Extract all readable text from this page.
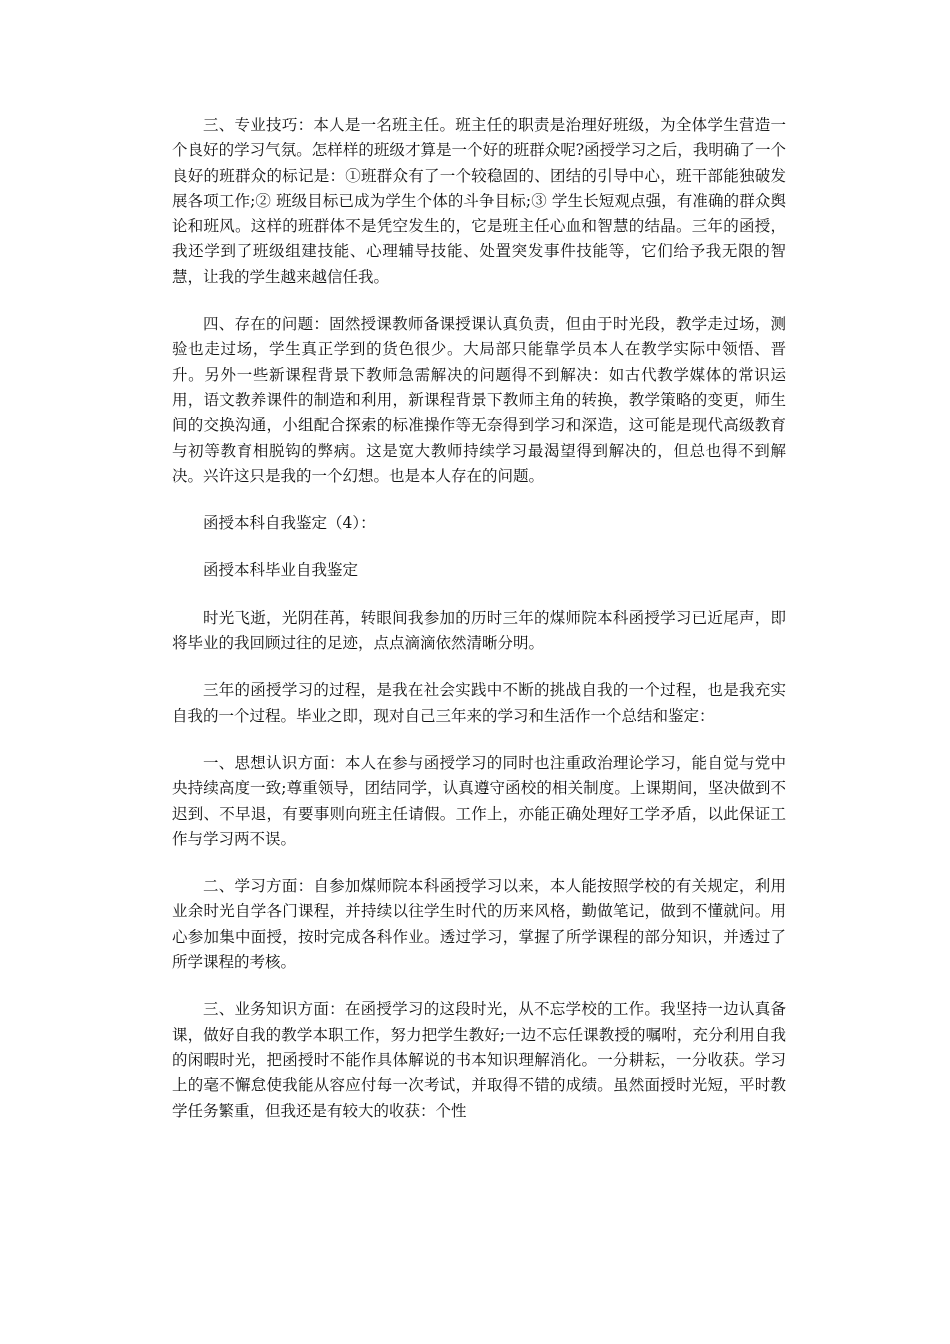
三、专业技巧：本人是一名班主任。班主任的职责是治理好班级，为全体学生营造一个良好的学习气氛。怎样样的班级才算是一个好的班群众呢?函授学习之后，我明确了一个良好的班群众的标记是：①班群众有了一个较稳固的、团结的引导中心，班干部能独破发展各项工作;② 班级目标已成为学生个体的斗争目标;③ 学生长短观点强，有准确的群众舆论和班风。这样的班群体不是凭空发生的，它是班主任心血和智慧的结晶。三年的函授，我还学到了班级组建技能、心理辅导技能、处置突发事件技能等，它们给予我无限的智慧，让我的学生越来越信任我。

四、存在的问题：固然授课教师备课授课认真负责，但由于时光段，教学走过场，测验也走过场，学生真正学到的货色很少。大局部只能靠学员本人在教学实际中领悟、晋升。另外一些新课程背景下教师急需解决的问题得不到解决：如古代教学媒体的常识运用，语文教养课件的制造和利用，新课程背景下教师主角的转换，教学策略的变更，师生间的交换沟通，小组配合探索的标准操作等无奈得到学习和深造，这可能是现代高级教育与初等教育相脱钩的弊病。这是宽大教师持续学习最渴望得到解决的，但总也得不到解决。兴许这只是我的一个幻想。也是本人存在的问题。

函授本科自我鉴定（4）：

函授本科毕业自我鉴定

时光飞逝，光阴荏苒，转眼间我参加的历时三年的煤师院本科函授学习已近尾声，即将毕业的我回顾过往的足迹，点点滴滴依然清晰分明。

三年的函授学习的过程，是我在社会实践中不断的挑战自我的一个过程，也是我充实自我的一个过程。毕业之即，现对自己三年来的学习和生活作一个总结和鉴定：

一、思想认识方面：本人在参与函授学习的同时也注重政治理论学习，能自觉与党中央持续高度一致;尊重领导，团结同学，认真遵守函校的相关制度。上课期间，坚决做到不迟到、不早退，有要事则向班主任请假。工作上，亦能正确处理好工学矛盾，以此保证工作与学习两不误。

二、学习方面：自参加煤师院本科函授学习以来，本人能按照学校的有关规定，利用业余时光自学各门课程，并持续以往学生时代的历来风格，勤做笔记，做到不懂就问。用心参加集中面授，按时完成各科作业。透过学习，掌握了所学课程的部分知识，并透过了所学课程的考核。

三、业务知识方面：在函授学习的这段时光，从不忘学校的工作。我坚持一边认真备课，做好自我的教学本职工作，努力把学生教好;一边不忘任课教授的嘱咐，充分利用自我的闲暇时光，把函授时不能作具体解说的书本知识理解消化。一分耕耘，一分收获。学习上的毫不懈怠使我能从容应付每一次考试，并取得不错的成绩。虽然面授时光短，平时教学任务繁重，但我还是有较大的收获：个性
